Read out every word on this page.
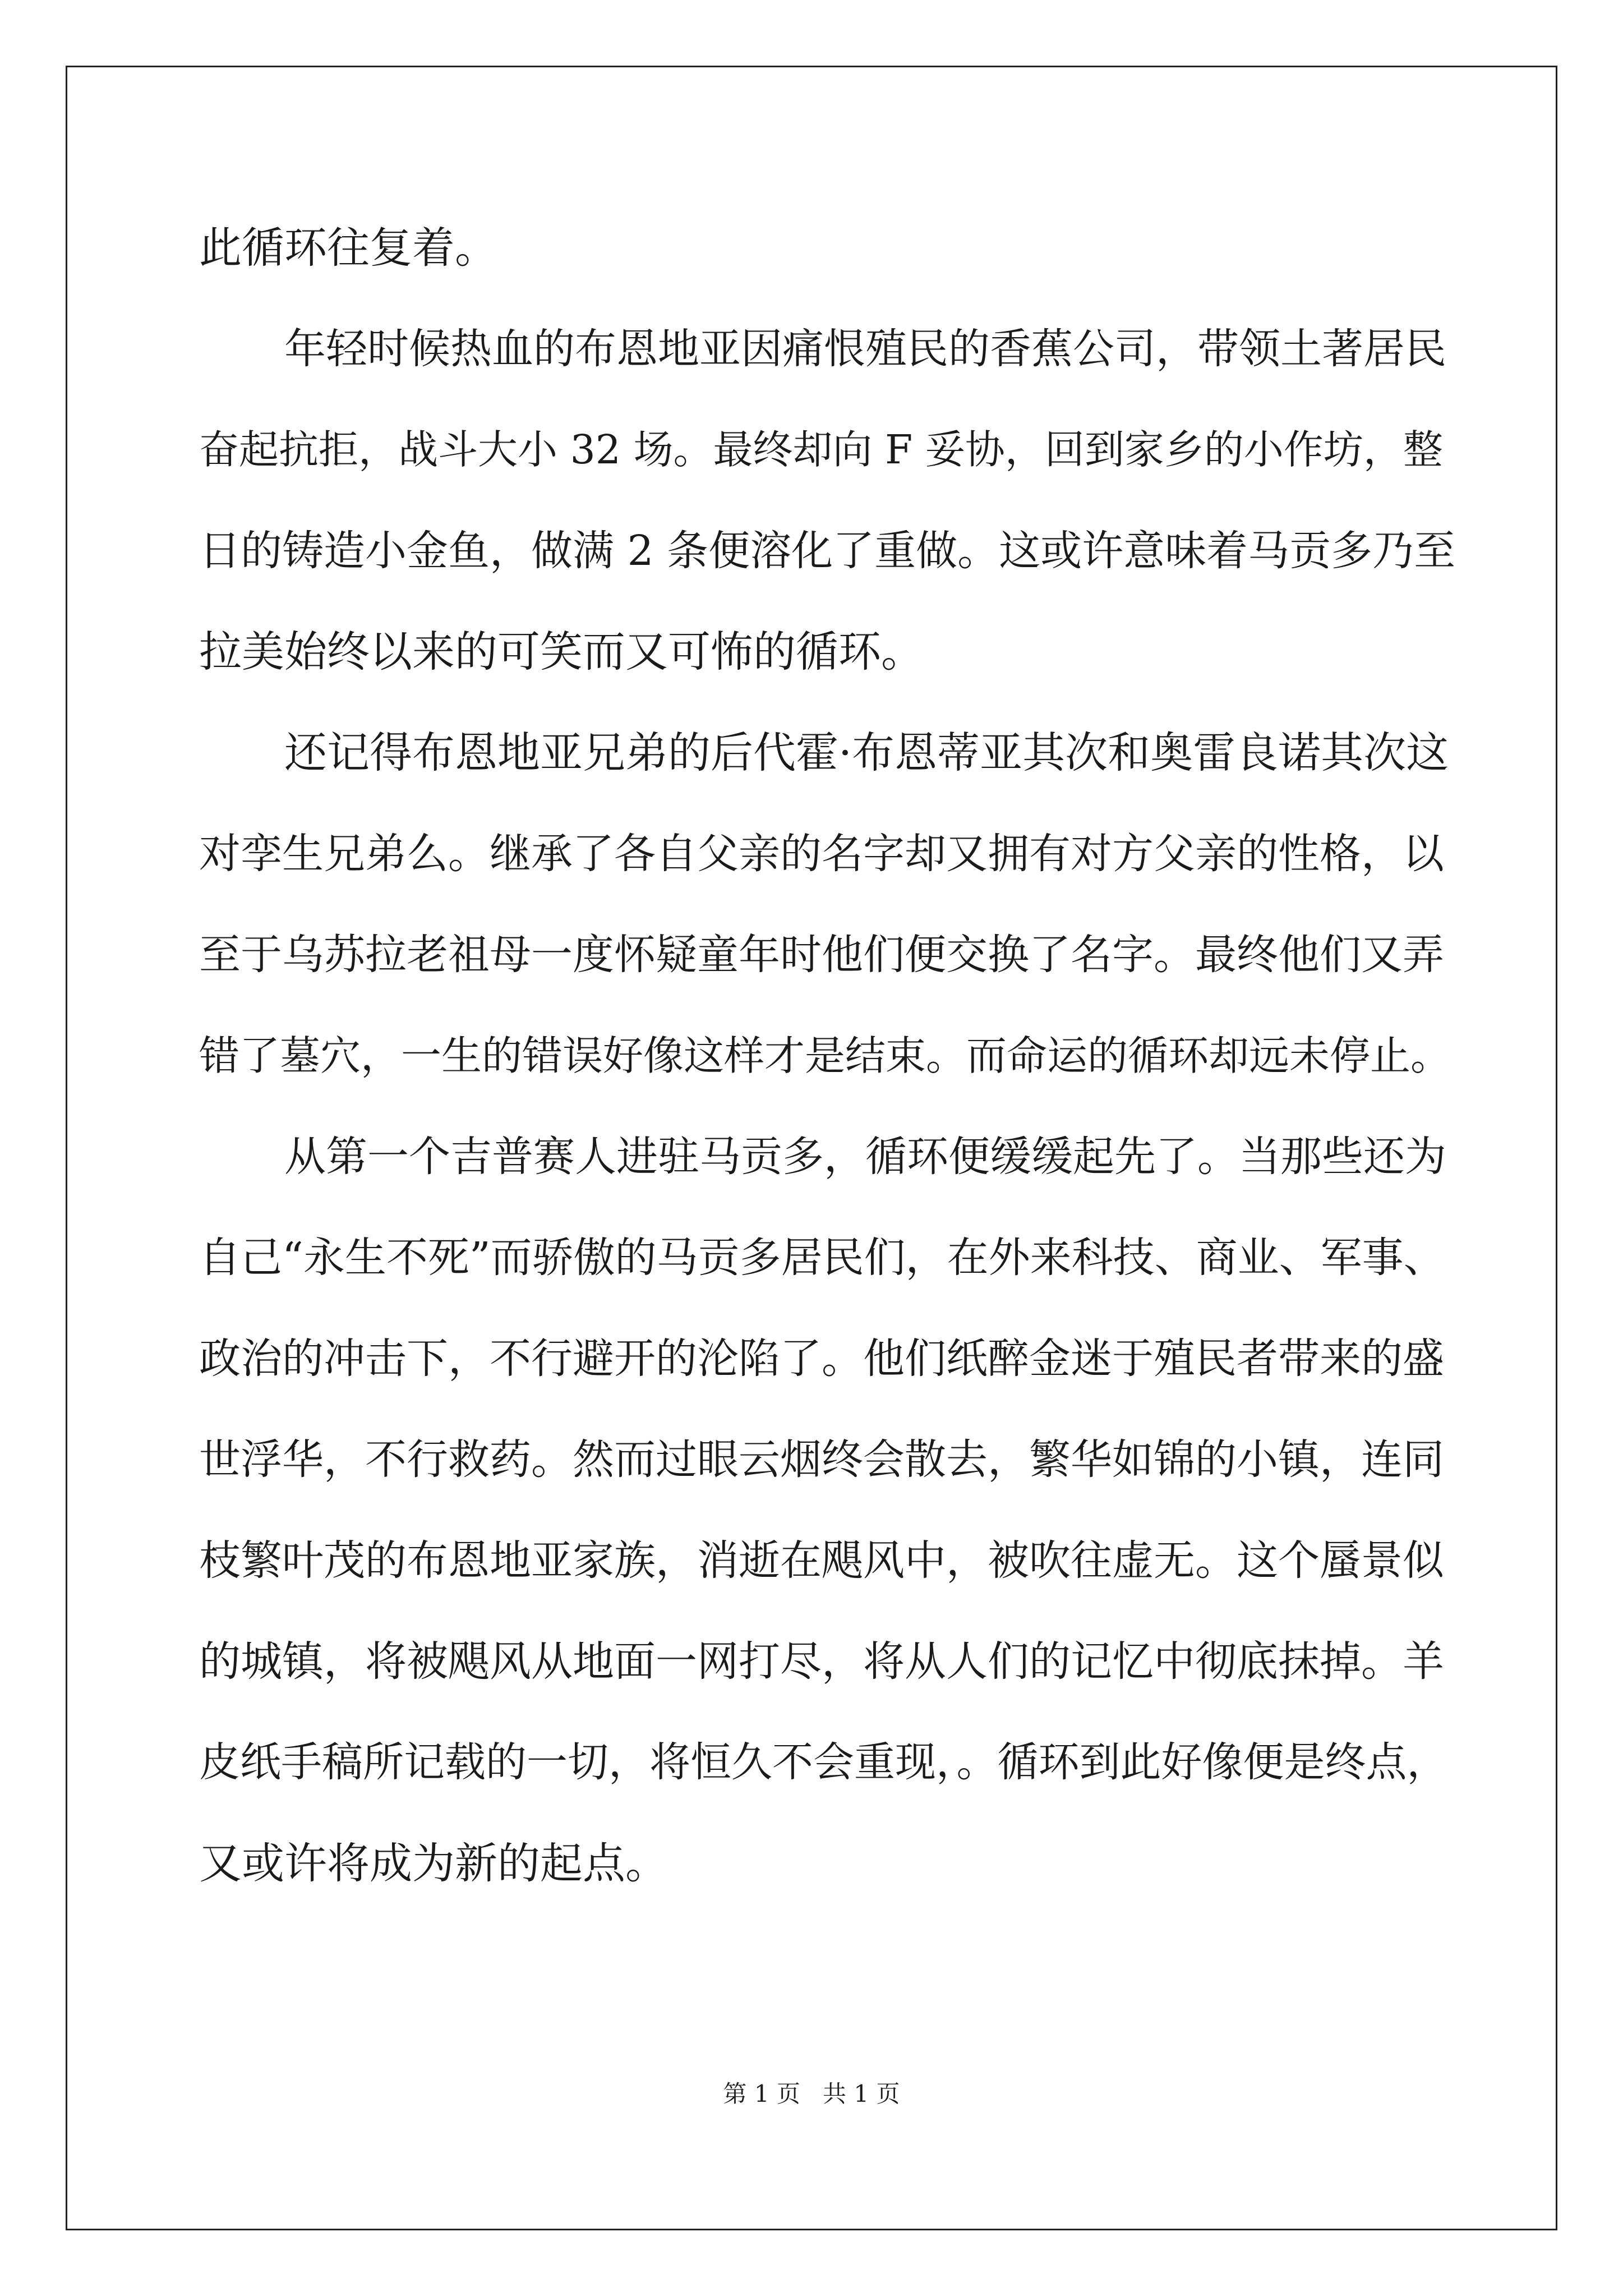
此循环往复着。
年轻时候热血的布恩地亚因痛恨殖民的香蕉公司，带领土著居民
奋起抗拒，战斗大小 32 场。最终却向 F 妥协，回到家乡的小作坊，整
日的铸造小金鱼，做满 2 条便溶化了重做。这或许意味着马贡多乃至
拉美始终以来的可笑而又可怖的循环。
还记得布恩地亚兄弟的后代霍·布恩蒂亚其次和奥雷良诺其次这
对孪生兄弟么。继承了各自父亲的名字却又拥有对方父亲的性格，以
至于乌苏拉老祖母一度怀疑童年时他们便交换了名字。最终他们又弄
错了墓穴，一生的错误好像这样才是结束。而命运的循环却远未停止。
从第一个吉普赛人进驻马贡多，循环便缓缓起先了。当那些还为
自己“永生不死”而骄傲的马贡多居民们，在外来科技、商业、军事、
政治的冲击下，不行避开的沦陷了。他们纸醉金迷于殖民者带来的盛
世浮华，不行救药。然而过眼云烟终会散去，繁华如锦的小镇，连同
枝繁叶茂的布恩地亚家族，消逝在飓风中，被吹往虚无。这个蜃景似
的城镇，将被飓风从地面一网打尽，将从人们的记忆中彻底抹掉。羊
皮纸手稿所记载的一切，将恒久不会重现，。循环到此好像便是终点，
又或许将成为新的起点。
第 1 页   共 1 页
